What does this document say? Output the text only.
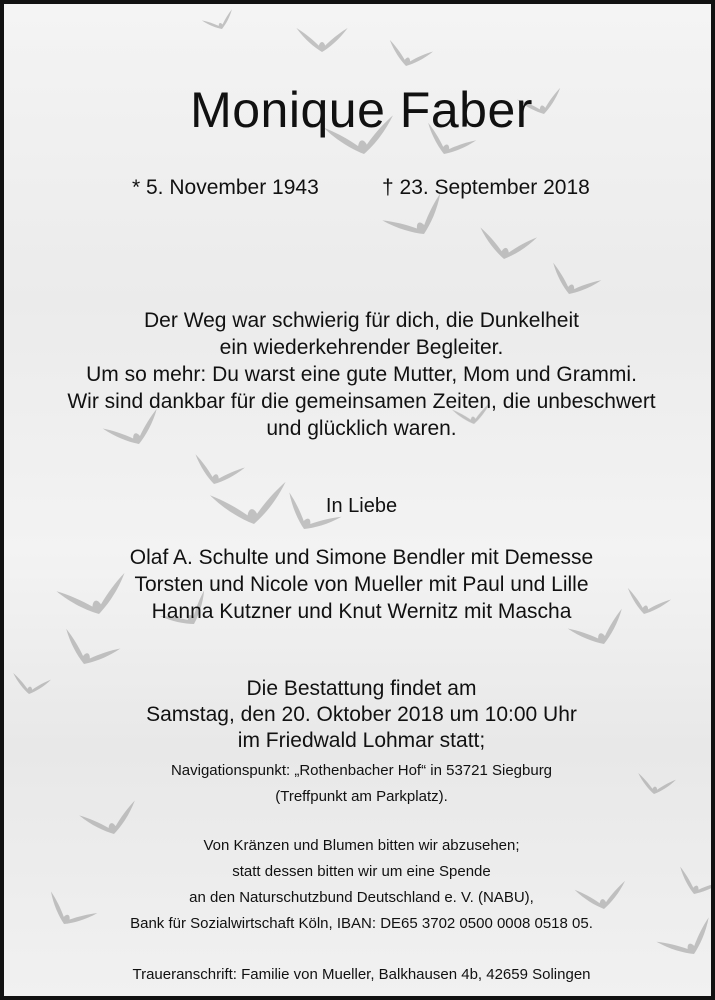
Monique Faber
* 5. November 1943	† 23. September 2018
Der Weg war schwierig für dich, die Dunkelheit
ein wiederkehrender Begleiter.
Um so mehr: Du warst eine gute Mutter, Mom und Grammi.
Wir sind dankbar für die gemeinsamen Zeiten, die unbeschwert
und glücklich waren.
In Liebe
Olaf A. Schulte und Simone Bendler mit Demesse
Torsten und Nicole von Mueller mit Paul und Lille
Hanna Kutzner und Knut Wernitz mit Mascha
Die Bestattung findet am
Samstag, den 20. Oktober 2018 um 10:00 Uhr
im Friedwald Lohmar statt;
Navigationspunkt: „Rothenbacher Hof“ in 53721 Siegburg
(Treffpunkt am Parkplatz).
Von Kränzen und Blumen bitten wir abzusehen;
statt dessen bitten wir um eine Spende
an den Naturschutzbund Deutschland e. V. (NABU),
Bank für Sozialwirtschaft Köln, IBAN: DE65 3702 0500 0008 0518 05.
Traueranschrift: Familie von Mueller, Balkhausen 4b, 42659 Solingen
